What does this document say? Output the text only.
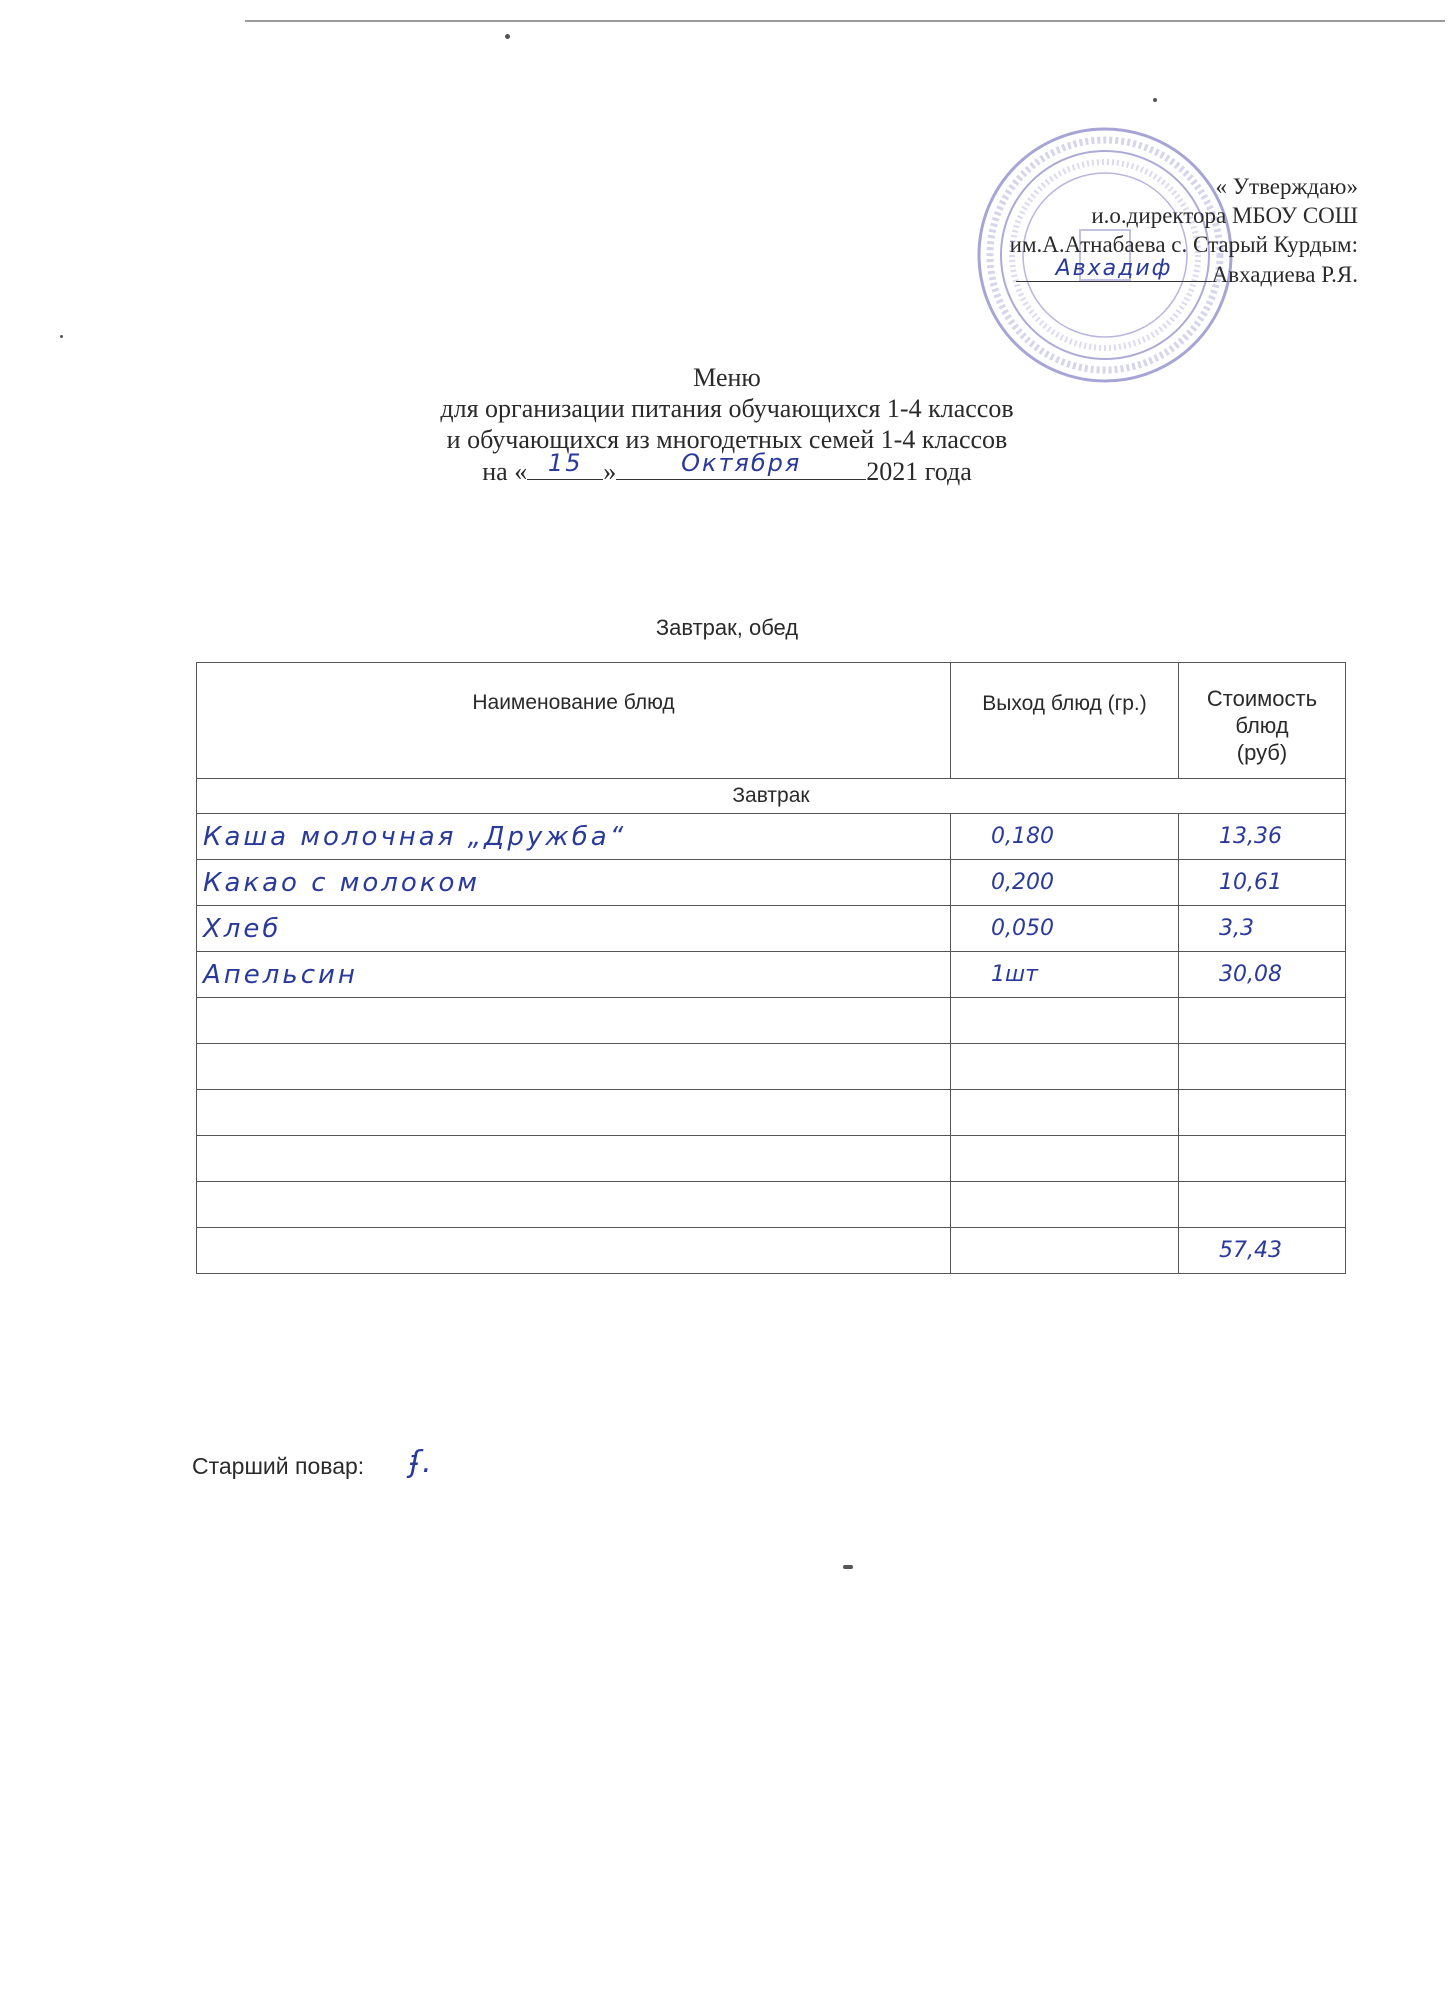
« Утверждаю»
и.о.директора МБОУ СОШ
им.А.Атнабаева с. Старый Курдым:
Авхадиф Авхадиева Р.Я.
Меню
для организации питания обучающихся 1-4 классов
и обучающихся из многодетных семей 1-4 классов
на « 15 »	Октября	2021 года
Завтрак, обед
Наименование блюд	Выход блюд (гр.)	Стоимость
блюд
(руб)

Завтрак		
Каша молочная „Дружба“	0,180	13,36
Какао с молоком	0,200	10,61
Хлеб	0,050	3,3
Апельсин	1шт	30,08

		57,43
Старший повар: ʄ.
